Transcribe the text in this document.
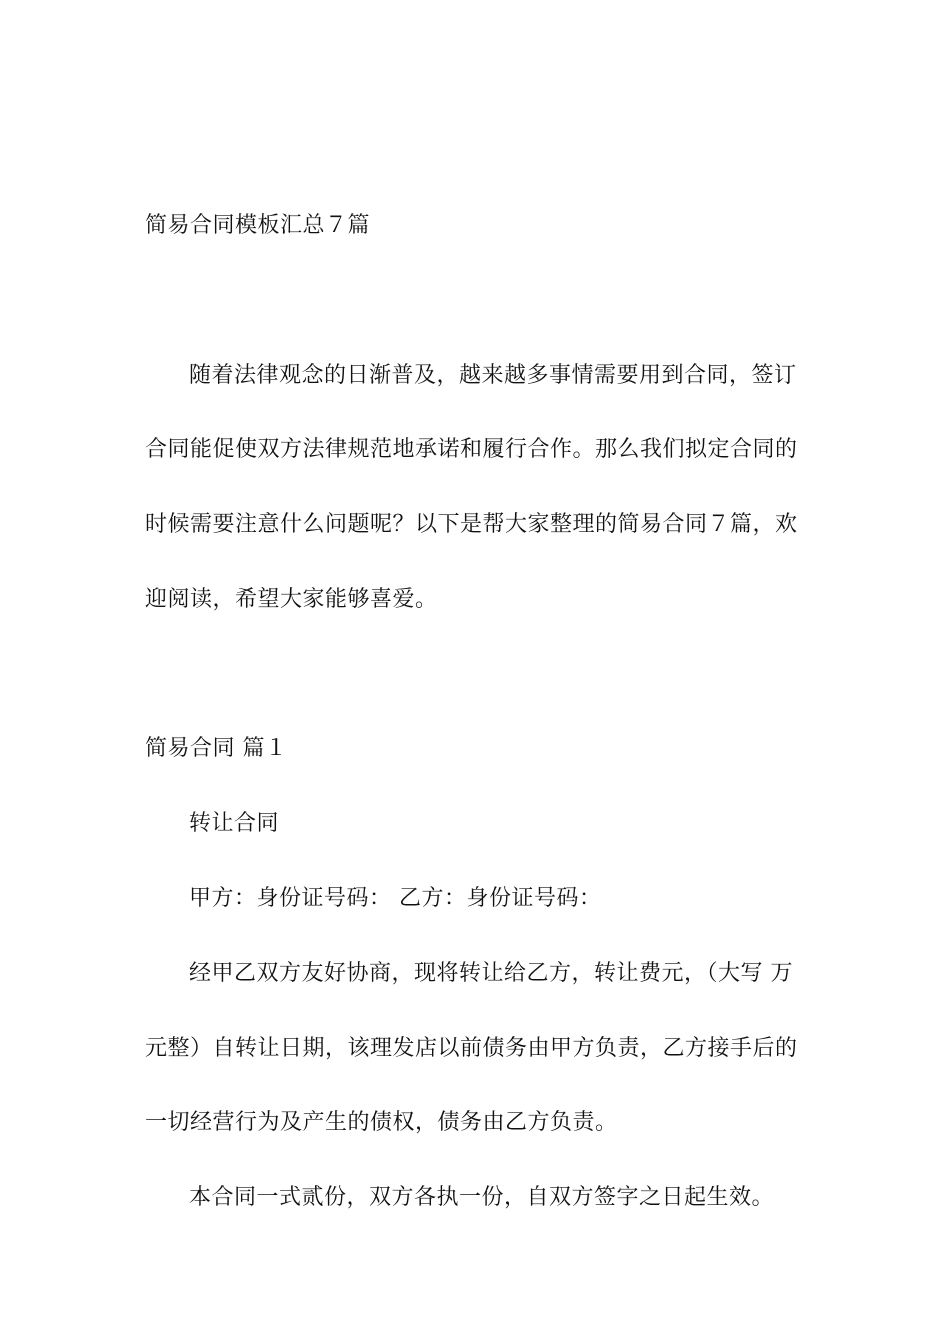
简易合同模板汇总７篇
随着法律观念的日渐普及，越来越多事情需要用到合同，签订
合同能促使双方法律规范地承诺和履行合作。那么我们拟定合同的
时候需要注意什么问题呢？以下是帮大家整理的简易合同７篇，欢
迎阅读，希望大家能够喜爱。
简易合同 篇１
转让合同
甲方：身份证号码： 乙方：身份证号码：
经甲乙双方友好协商，现将转让给乙方，转让费元，（大写 万
元整）自转让日期，该理发店以前债务由甲方负责，乙方接手后的
一切经营行为及产生的债权，债务由乙方负责。
本合同一式贰份，双方各执一份，自双方签字之日起生效。
